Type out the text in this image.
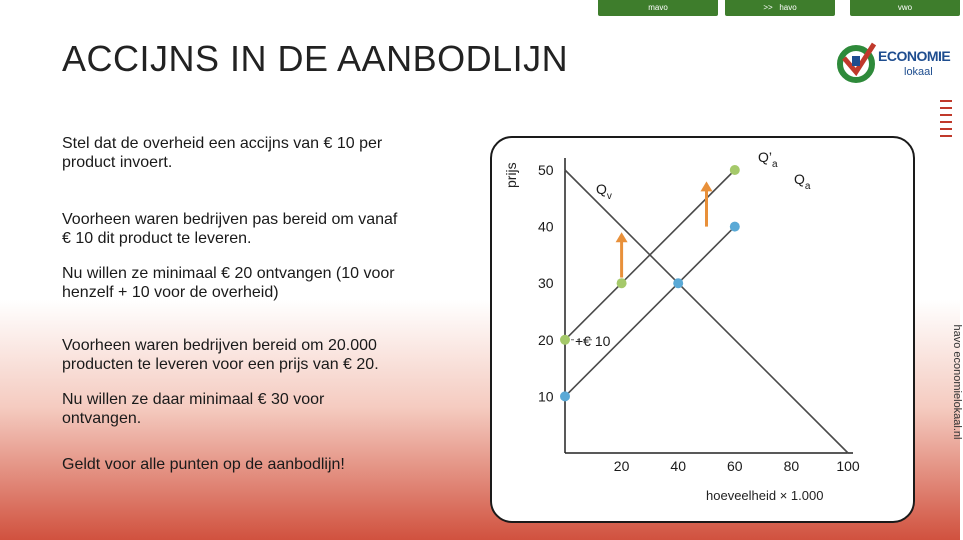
mavo	>> havo	vwo
ACCIJNS IN DE AANBODLIJN	ECONOMIE
lokaal
havo economielokaal.nl
Stel dat de overheid een accijns van € 10 per product invoert.
Voorheen waren bedrijven pas bereid om vanaf € 10 dit product te leveren.
Nu willen ze minimaal € 20 ontvangen (10 voor henzelf + 10 voor de overheid)
Voorheen waren bedrijven bereid om 20.000 producten te leveren voor een prijs van € 20.
Nu willen ze daar minimaal € 30 voor ontvangen.
Geldt voor alle punten op de aanbodlijn!
prijs
hoeveelheid × 1.000
10
20
30
40
50
20	40	60	80	100
$Q_v$
$Q_a$
$Q’_a$
+€ 10
